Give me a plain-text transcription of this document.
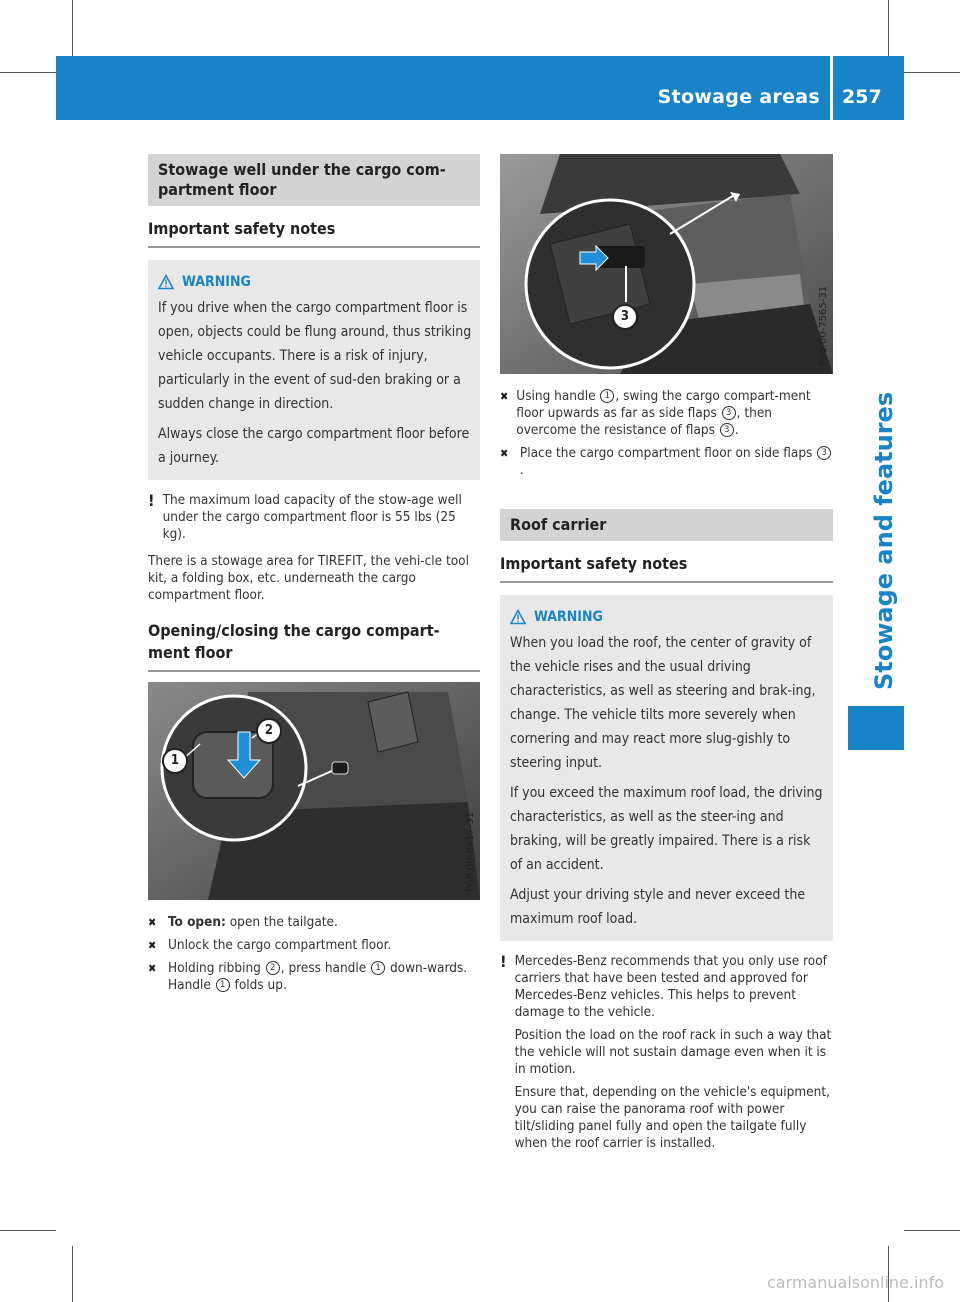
Stowage areas 257
Stowage and features
Stowage well under the cargo com-
partment floor
Important safety notes
WARNING

If you drive when the cargo compartment floor is open, objects could be flung around, thus striking vehicle occupants. There is a risk of injury, particularly in the event of sud-den braking or a sudden change in direction.

Always close the cargo compartment floor before a journey.

! The maximum load capacity of the stow-age well under the cargo compartment floor is 55 lbs (25 kg).

There is a stowage area for TIREFIT, the vehi-cle tool kit, a folding box, etc. underneath the cargo compartment floor.

Opening/closing the cargo compart-
ment floor
1
2
P68.00-8417-31
✖ To open: open the tailgate.
✖ Unlock the cargo compartment floor.
✖ Holding ribbing 2 , press handle 1 down-wards.
Handle 1 folds up.
3	P68.00-7565-31
✖ Using handle 1 , swing the cargo compart-ment floor upwards as far as side flaps 3 , then overcome the resistance of flaps 3 .
✖ Place the cargo compartment floor on side flaps 3.
Roof carrier
Important safety notes
WARNING

When you load the roof, the center of gravity of the vehicle rises and the usual driving characteristics, as well as steering and brak-ing, change. The vehicle tilts more severely when cornering and may react more slug-gishly to steering input.

If you exceed the maximum roof load, the driving characteristics, as well as the steer-ing and braking, will be greatly impaired. There is a risk of an accident.

Adjust your driving style and never exceed the maximum roof load.

! Mercedes-Benz recommends that you only use roof carriers that have been tested and approved for Mercedes-Benz vehicles. This helps to prevent damage to the vehicle.

Position the load on the roof rack in such a way that the vehicle will not sustain damage even when it is in motion.

Ensure that, depending on the vehicle's equipment, you can raise the panorama roof with power tilt/sliding panel fully and open the tailgate fully when the roof carrier is installed.

carmanualsonline.info
